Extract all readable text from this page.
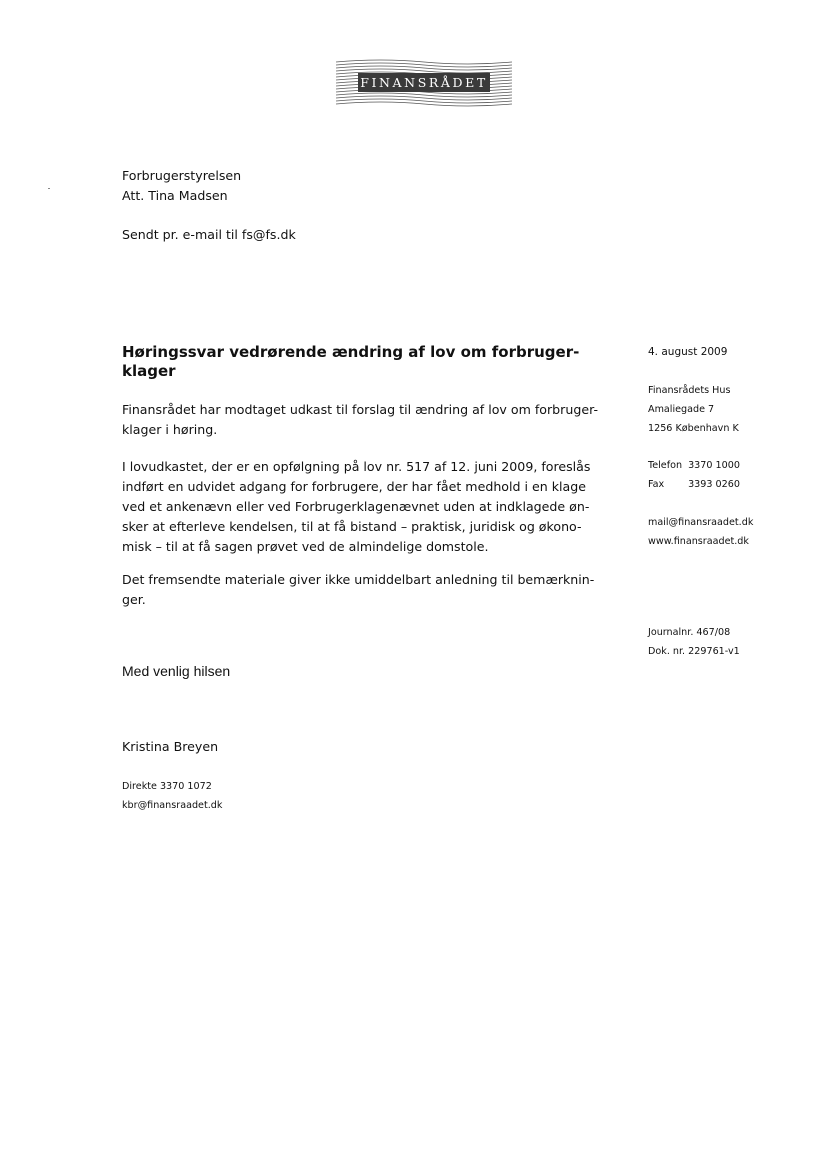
FINANSRÅDET
Forbrugerstyrelsen
Att. Tina Madsen
Sendt pr. e-mail til fs@fs.dk
Høringssvar vedrørende ændring af lov om forbruger-
klager
Finansrådet har modtaget udkast til forslag til ændring af lov om forbruger-
klager i høring.
I lovudkastet, der er en opfølgning på lov nr. 517 af 12. juni 2009, foreslås
indført en udvidet adgang for forbrugere, der har fået medhold i en klage
ved et ankenævn eller ved Forbrugerklagenævnet uden at indklagede øn-
sker at efterleve kendelsen, til at få bistand – praktisk, juridisk og økono-
misk – til at få sagen prøvet ved de almindelige domstole.
Det fremsendte materiale giver ikke umiddelbart anledning til bemærknin-
ger.
Med venlig hilsen
Kristina Breyen
Direkte 3370 1072
kbr@finansraadet.dk
4. august 2009
Finansrådets Hus
Amaliegade 7
1256 København K
Telefon 3370 1000
Fax 3393 0260
mail@finansraadet.dk
www.finansraadet.dk
Journalnr. 467/08
Dok. nr. 229761-v1
